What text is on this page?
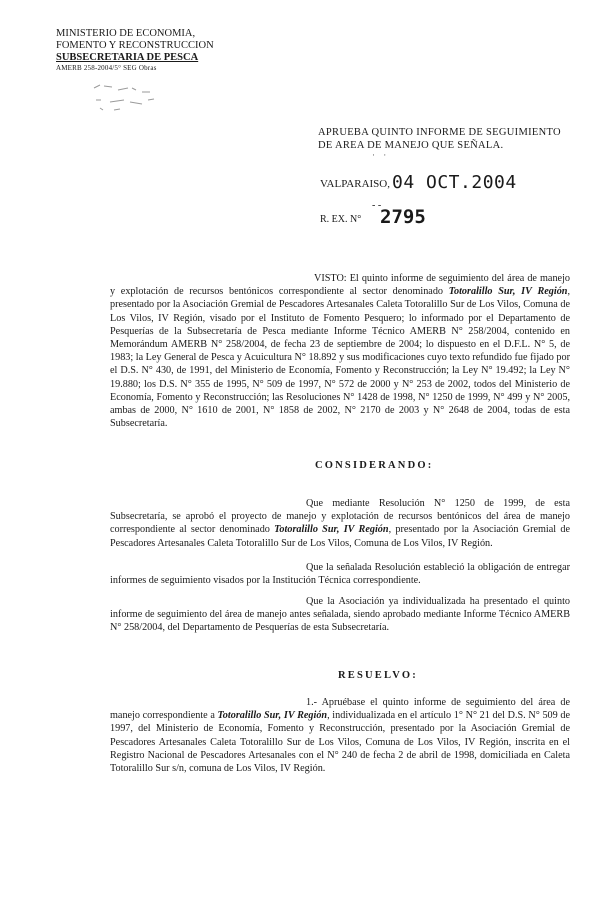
MINISTERIO DE ECONOMIA,
FOMENTO Y RECONSTRUCCION
SUBSECRETARIA DE PESCA
AMERB 258-2004/5° SEG Obras
APRUEBA QUINTO INFORME DE SEGUIMIENTO DE AREA DE MANEJO QUE SEÑALA.
· ·
VALPARAISO, 04 OCT.2004
- -
R. EX. N° 2795
VISTO: El quinto informe de seguimiento del área de manejo y explotación de recursos bentónicos correspondiente al sector denominado Totoralillo Sur, IV Región, presentado por la Asociación Gremial de Pescadores Artesanales Caleta Totoralillo Sur de Los Vilos, Comuna de Los Vilos, IV Región, visado por el Instituto de Fomento Pesquero; lo informado por el Departamento de Pesquerías de la Subsecretaría de Pesca mediante Informe Técnico AMERB N° 258/2004, contenido en Memorándum AMERB N° 258/2004, de fecha 23 de septiembre de 2004; lo dispuesto en el D.F.L. N° 5, de 1983; la Ley General de Pesca y Acuicultura N° 18.892 y sus modificaciones cuyo texto refundido fue fijado por el D.S. N° 430, de 1991, del Ministerio de Economía, Fomento y Reconstrucción; la Ley N° 19.492; la Ley N° 19.880; los D.S. N° 355 de 1995, N° 509 de 1997, N° 572 de 2000 y N° 253 de 2002, todos del Ministerio de Economía, Fomento y Reconstrucción; las Resoluciones N° 1428 de 1998, N° 1250 de 1999, N° 499 y N° 2005, ambas de 2000, N° 1610 de 2001, N° 1858 de 2002, N° 2170 de 2003 y N° 2648 de 2004, todas de esta Subsecretaría.
CONSIDERANDO:
Que mediante Resolución N° 1250 de 1999, de esta Subsecretaría, se aprobó el proyecto de manejo y explotación de recursos bentónicos del área de manejo correspondiente al sector denominado Totoralillo Sur, IV Región, presentado por la Asociación Gremial de Pescadores Artesanales Caleta Totoralillo Sur de Los Vilos, Comuna de Los Vilos, IV Región.
Que la señalada Resolución estableció la obligación de entregar informes de seguimiento visados por la Institución Técnica correspondiente.
Que la Asociación ya individualizada ha presentado el quinto informe de seguimiento del área de manejo antes señalada, siendo aprobado mediante Informe Técnico AMERB N° 258/2004, del Departamento de Pesquerías de esta Subsecretaría.
RESUELVO:
1.- Apruébase el quinto informe de seguimiento del área de manejo correspondiente a Totoralillo Sur, IV Región, individualizada en el artículo 1° N° 21 del D.S. N° 509 de 1997, del Ministerio de Economía, Fomento y Reconstrucción, presentado por la Asociación Gremial de Pescadores Artesanales Caleta Totoralillo Sur de Los Vilos, Comuna de Los Vilos, IV Región, inscrita en el Registro Nacional de Pescadores Artesanales con el N° 240 de fecha 2 de abril de 1998, domiciliada en Caleta Totoralillo Sur s/n, comuna de Los Vilos, IV Región.
